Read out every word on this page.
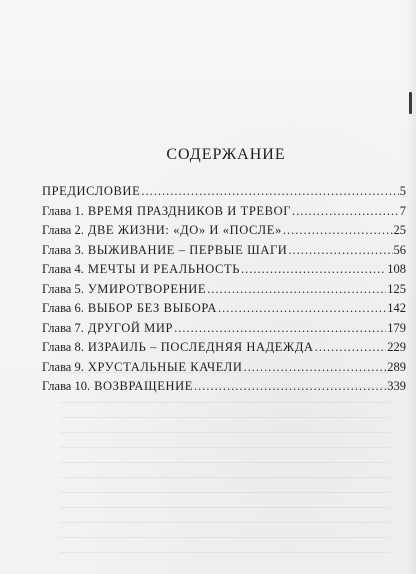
СОДЕРЖАНИЕ
ПРЕДИСЛОВИЕ .....	5
Глава 1. ВРЕМЯ ПРАЗДНИКОВ И ТРЕВОГ .....	7
Глава 2. ДВЕ ЖИЗНИ: «ДО» И «ПОСЛЕ» .....	25
Глава 3. ВЫЖИВАНИЕ – ПЕРВЫЕ ШАГИ .....	56
Глава 4. МЕЧТЫ И РЕАЛЬНОСТЬ .....	108
Глава 5. УМИРОТВОРЕНИЕ .....	125
Глава 6. ВЫБОР БЕЗ ВЫБОРА .....	142
Глава 7. ДРУГОЙ МИР .....	179
Глава 8. ИЗРАИЛЬ – ПОСЛЕДНЯЯ НАДЕЖДА .....	229
Глава 9. ХРУСТАЛЬНЫЕ КАЧЕЛИ .....	289
Глава 10. ВОЗВРАЩЕНИЕ .....	339
